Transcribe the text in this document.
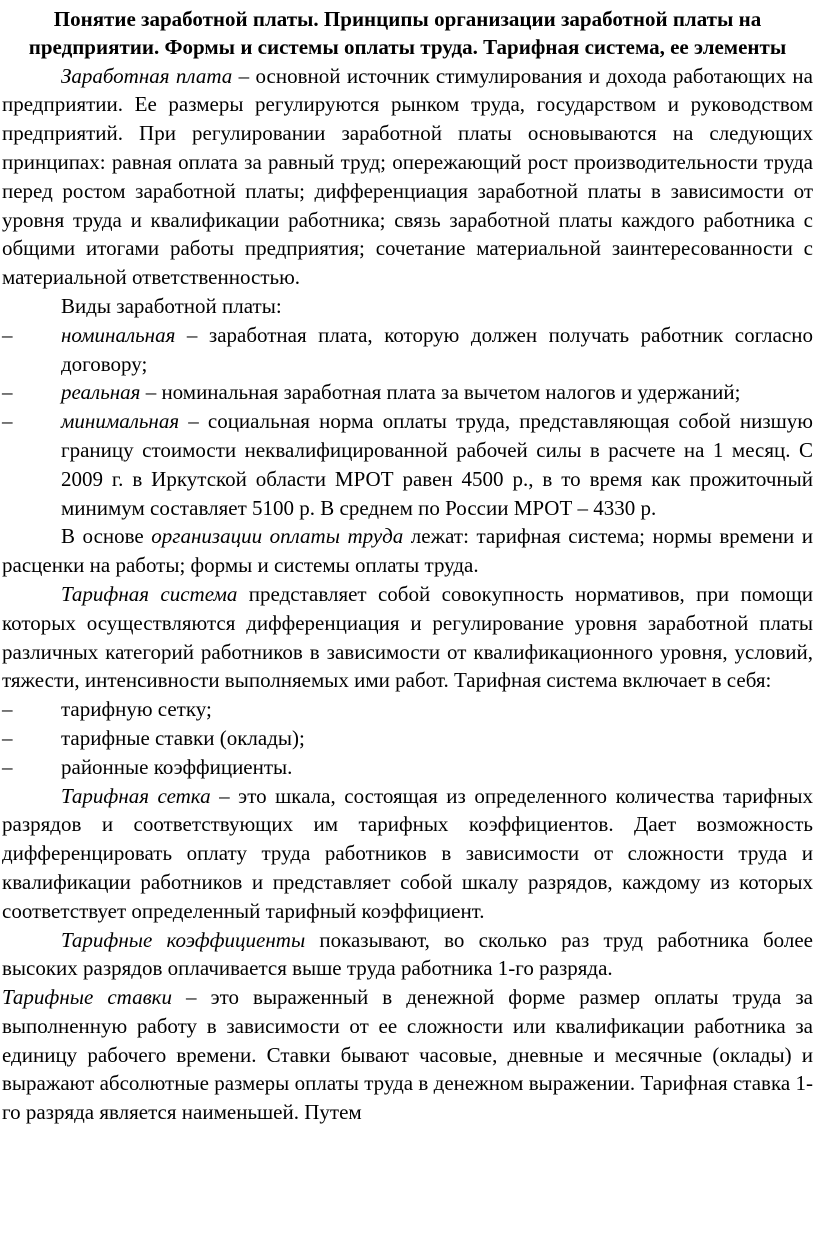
Понятие заработной платы. Принципы организации заработной платы на предприятии. Формы и системы оплаты труда. Тарифная система, ее элементы

Заработная плата – основной источник стимулирования и дохода работающих на предприятии. Ее размеры регулируются рынком труда, государством и руководством предприятий. При регулировании заработной платы основываются на следующих принципах: равная оплата за равный труд; опережающий рост производительности труда перед ростом заработной платы; дифференциация заработной платы в зависимости от уровня труда и квалификации работника; связь заработной платы каждого работника с общими итогами работы предприятия; сочетание материальной заинтересованности с материальной ответственностью.

Виды заработной платы:

– номинальная – заработная плата, которую должен получать работник согласно договору;
– реальная – номинальная заработная плата за вычетом налогов и удержаний;
– минимальная – социальная норма оплаты труда, представляющая собой низшую границу стоимости неквалифицированной рабочей силы в расчете на 1 месяц. С 2009 г. в Иркутской области МРОТ равен 4500 р., в то время как прожиточный минимум составляет 5100 р. В среднем по России МРОТ – 4330 р.

В основе организации оплаты труда лежат: тарифная система; нормы времени и расценки на работы; формы и системы оплаты труда.

Тарифная система представляет собой совокупность нормативов, при помощи которых осуществляются дифференциация и регулирование уровня заработной платы различных категорий работников в зависимости от квалификационного уровня, условий, тяжести, интенсивности выполняемых ими работ. Тарифная система включает в себя:

– тарифную сетку;
– тарифные ставки (оклады);
– районные коэффициенты.

Тарифная сетка – это шкала, состоящая из определенного количества тарифных разрядов и соответствующих им тарифных коэффициентов. Дает возможность дифференцировать оплату труда работников в зависимости от сложности труда и квалификации работников и представляет собой шкалу разрядов, каждому из которых соответствует определенный тарифный коэффициент.

Тарифные коэффициенты показывают, во сколько раз труд работника более высоких разрядов оплачивается выше труда работника 1-го разряда.

Тарифные ставки – это выраженный в денежной форме размер оплаты труда за выполненную работу в зависимости от ее сложности или квалификации работника за единицу рабочего времени. Ставки бывают часовые, дневные и месячные (оклады) и выражают абсолютные размеры оплаты труда в денежном выражении. Тарифная ставка 1-го разряда является наименьшей. Путем
